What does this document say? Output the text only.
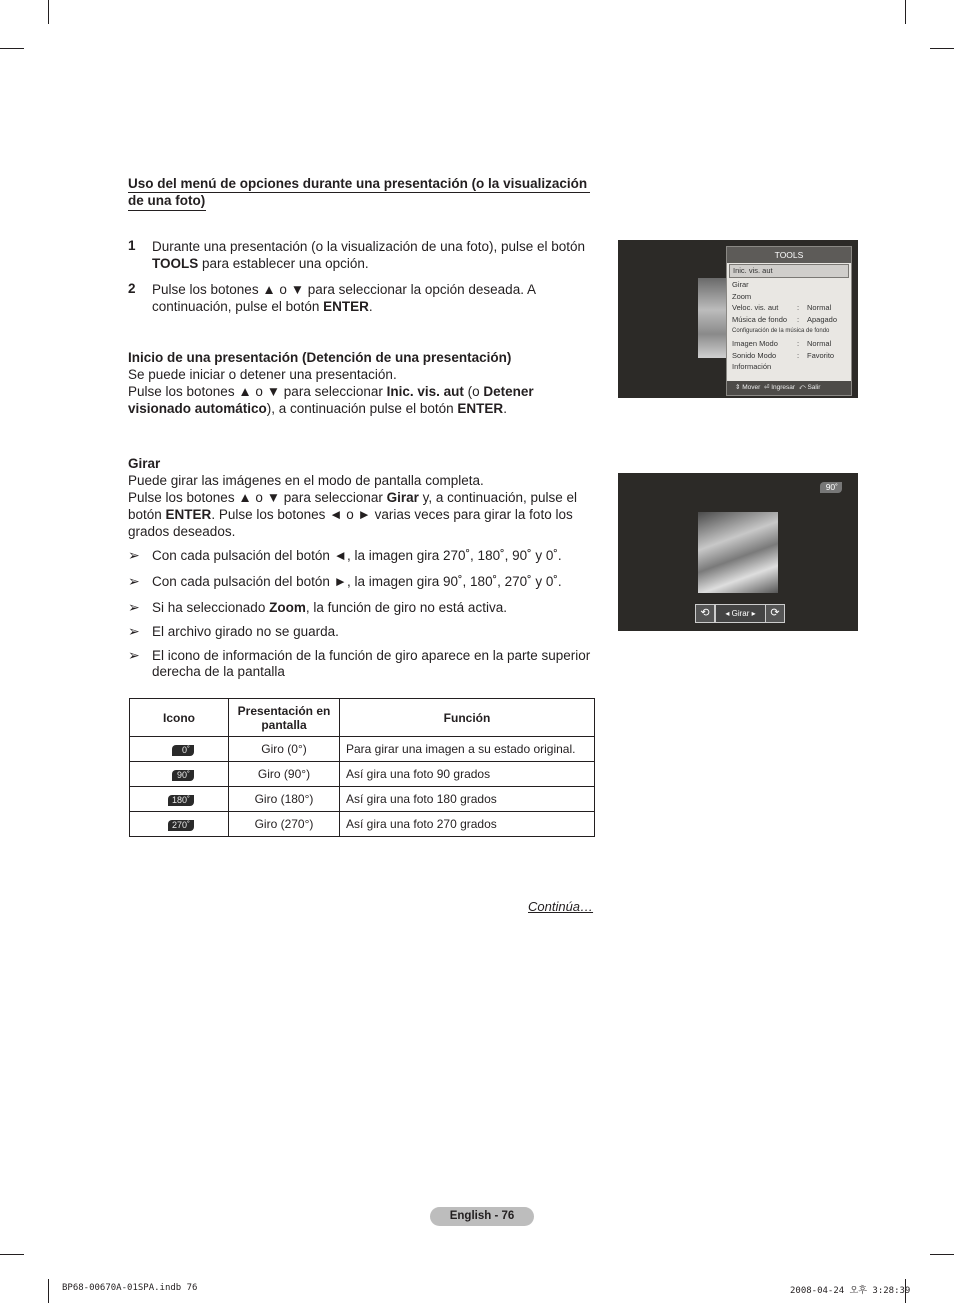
Uso del menú de opciones durante una presentación (o la visualización de una foto)
1 Durante una presentación (o la visualización de una foto), pulse el botón TOOLS para establecer una opción.
2 Pulse los botones ▲ o ▼ para seleccionar la opción deseada. A continuación, pulse el botón ENTER.
Inicio de una presentación (Detención de una presentación)
Se puede iniciar o detener una presentación.
Pulse los botones ▲ o ▼ para seleccionar Inic. vis. aut (o Detener visionado automático), a continuación pulse el botón ENTER.
Girar
Puede girar las imágenes en el modo de pantalla completa.
Pulse los botones ▲ o ▼ para seleccionar Girar y, a continuación, pulse el botón ENTER. Pulse los botones ◄ o ► varias veces para girar la foto los grados deseados.
➢ Con cada pulsación del botón ◄, la imagen gira 270˚, 180˚, 90˚ y 0˚.
➢ Con cada pulsación del botón ►, la imagen gira 90˚, 180˚, 270˚ y 0˚.
➢ Si ha seleccionado Zoom, la función de giro no está activa.
➢ El archivo girado no se guarda.
➢ El icono de información de la función de giro aparece en la parte superior derecha de la pantalla
Icono	Presentación en pantalla	Función
0˚	Giro (0°)	Para girar una imagen a su estado original.
90˚	Giro (90°)	Así gira una foto 90 grados
180˚	Giro (180°)	Así gira una foto 180 grados
270˚	Giro (270°)	Así gira una foto 270 grados
Continúa…
TOOLS
Inic. vis. aut
Girar
Zoom
Veloc. vis. aut : Normal
Música de fondo : Apagado
Configuración de la música de fondo
Imagen Modo	: Normal
Sonido Modo	: Favorito
Información
⇕ Mover ⏎ Ingresar ⤺ Salir
90˚
⟲	◂ Girar ▸	⟳
English - 76
BP68-00670A-01SPA.indb 76	2008-04-24 오후 3:28:39
